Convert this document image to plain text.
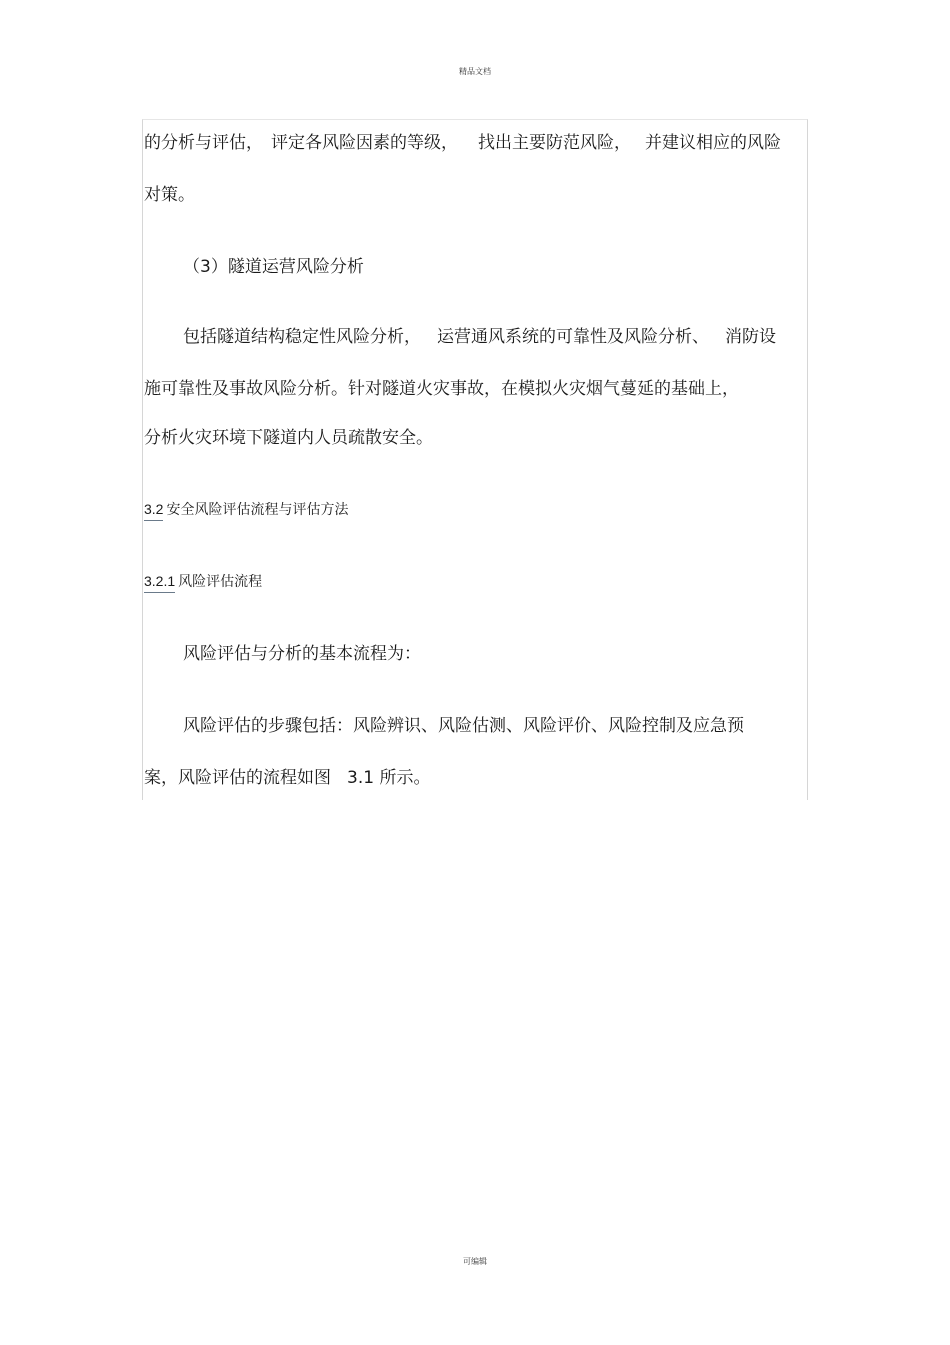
精品文档
的分析与评估， 评定各风险因素的等级， 找出主要防范风险， 并建议相应的风险
对策。
（3）隧道运营风险分析
包括隧道结构稳定性风险分析， 运营通风系统的可靠性及风险分析、 消防设
施可靠性及事故风险分析。针对隧道火灾事故，在模拟火灾烟气蔓延的基础上，
分析火灾环境下隧道内人员疏散安全。
3.2 安全风险评估流程与评估方法
3.2.1 风险评估流程
风险评估与分析的基本流程为：
风险评估的步骤包括：风险辨识、风险估测、风险评价、风险控制及应急预
案，风险评估的流程如图 3.1 所示。
可编辑
